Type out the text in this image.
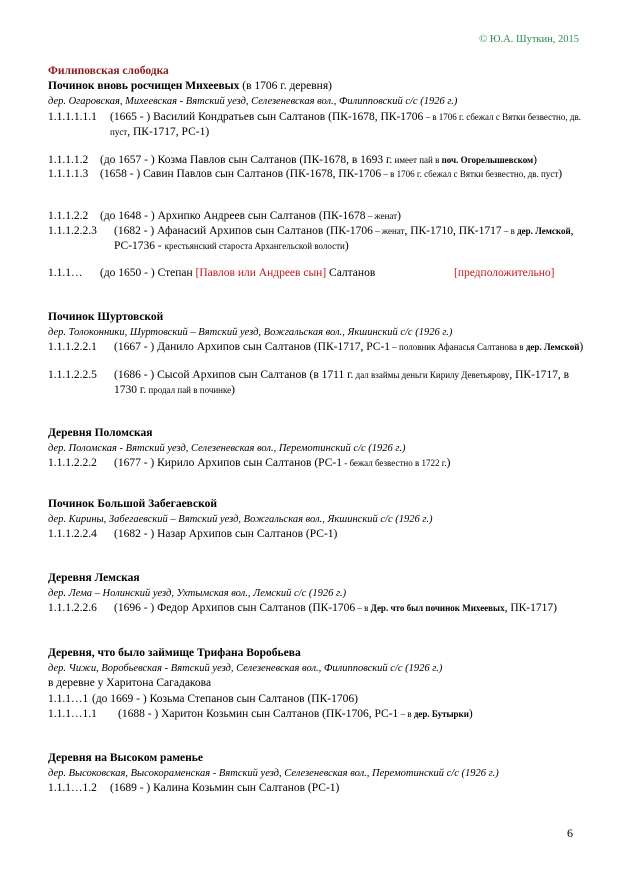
© Ю.А. Шуткин, 2015
Филиповская слободка
Починок вновь росчищен Михеевых (в 1706 г. деревня)
дер. Огаровская, Михеевская - Вятский уезд, Селезеневская вол., Филипповский с/с (1926 г.)
1.1.1.1.1.1	(1665 - ) Василий Кондратьев сын Салтанов (ПК-1678, ПК-1706 – в 1706 г. сбежал с Вятки безвестно, дв. пуст, ПК-1717, РС-1)
1.1.1.1.2	(до 1657 - ) Козма Павлов сын Салтанов (ПК-1678, в 1693 г. имеет пай в поч. Огорелышевском)
1.1.1.1.3	(1658 - ) Савин Павлов сын Салтанов (ПК-1678, ПК-1706 – в 1706 г. сбежал с Вятки безвестно, дв. пуст)
1.1.1.2.2	(до 1648 - ) Архипко Андреев сын Салтанов (ПК-1678 – женат)
1.1.1.2.2.3	(1682 - ) Афанасий Архипов сын Салтанов (ПК-1706 – женат, ПК-1710, ПК-1717 – в дер. Лемской, РС-1736 - крестьянский староста Архангельской волости)
1.1.1…	(до 1650 - ) Степан [Павлов или Андреев сын] Салтанов	[предположительно]
Починок Шуртовской
дер. Толоконники, Шуртовский – Вятский уезд, Вожгальская вол., Якшинский с/с (1926 г.)
1.1.1.2.2.1	(1667 - ) Данило Архипов сын Салтанов (ПК-1717, РС-1 – половник Афанасья Салтанова в дер. Лемской)
1.1.1.2.2.5	(1686 - ) Сысой Архипов сын Салтанов (в 1711 г. дал взаймы деньги Кирилу Деветьярову, ПК-1717, в 1730 г. продал пай в починке)
Деревня Поломская
дер. Поломская - Вятский уезд, Селезеневская вол., Перемотинский с/с (1926 г.)
1.1.1.2.2.2	(1677 - ) Кирило Архипов сын Салтанов (РС-1 - бежал безвестно в 1722 г.)
Починок Большой Забегаевской
дер. Кирины, Забегаевский – Вятский уезд, Вожгальская вол., Якшинский с/с (1926 г.)
1.1.1.2.2.4	(1682 - ) Назар Архипов сын Салтанов (РС-1)
Деревня Лемская
дер. Лема – Нолинский уезд, Ухтымская вол., Лемский с/с (1926 г.)
1.1.1.2.2.6	(1696 - ) Федор Архипов сын Салтанов (ПК-1706 – в Дер. что был починок Михеевых, ПК-1717)
Деревня, что было займище Трифана Воробьева
дер. Чижи, Воробьевская - Вятский уезд, Селезеневская вол., Филипповский с/с (1926 г.)
в деревне у Харитона Сагадакова
1.1.1…1 (до 1669 - ) Козьма Степанов сын Салтанов (ПК-1706)
1.1.1…1.1	(1688 - ) Харитон Козьмин сын Салтанов (ПК-1706, РС-1 – в дер. Бутырки)
Деревня на Высоком раменье
дер. Высоковская, Высокораменская - Вятский уезд, Селезеневская вол., Перемотинский с/с (1926 г.)
1.1.1…1.2	(1689 - ) Калина Козьмин сын Салтанов (РС-1)
6
